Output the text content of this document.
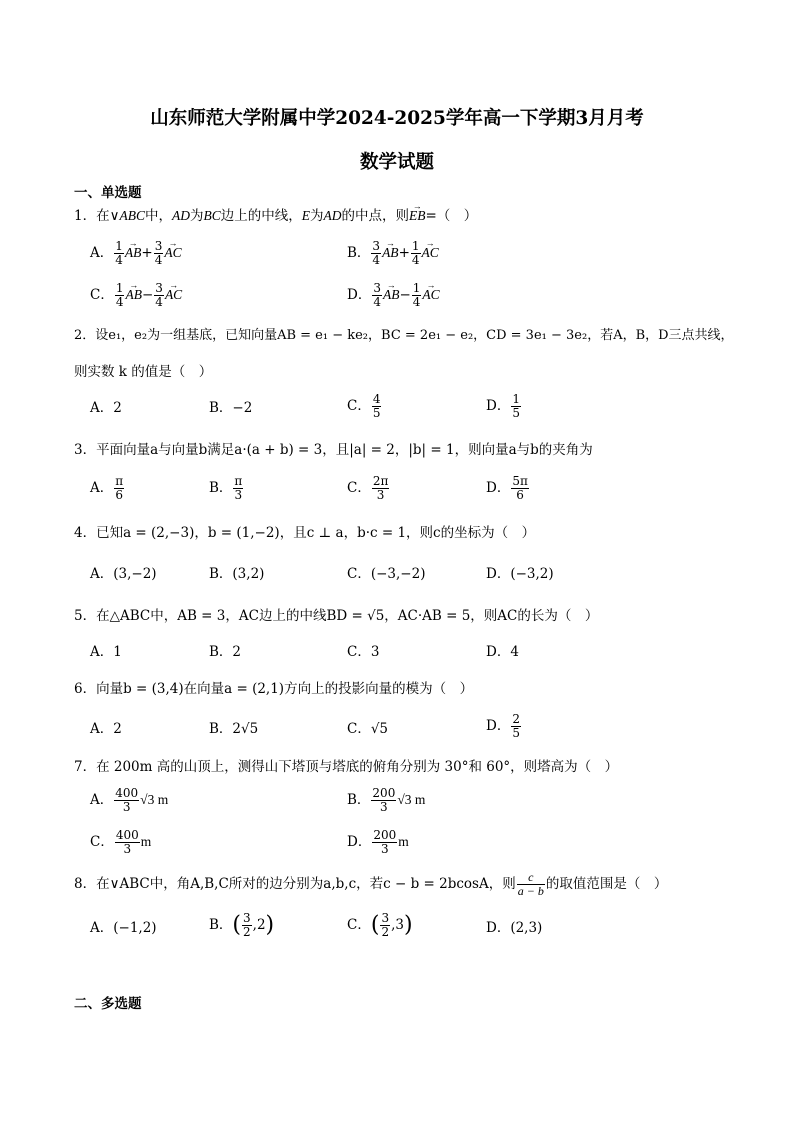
山东师范大学附属中学2024-2025学年高一下学期3月月考
数学试题
一、单选题
1．在∨ABC中，AD为BC边上的中线，E为AD的中点，则→ EB=（　）
A． $\frac{1}{4}$
→ $AB+ \frac{3}{4}$
→ AC	B． $\frac{3}{4}$
→ $AB+ \frac{1}{4}$
→ AC
C． $\frac{1}{4}$
→ $AB- \frac{3}{4}$
→ AC	D． $\frac{3}{4}$
→ $AB- \frac{1}{4}$
→ AC
2．设e₁，e₂为一组基底，已知向量AB = e₁ − ke₂，BC = 2e₁ − e₂，CD = 3e₁ − 3e₂，若A，B，D三点共线，
则实数 k 的值是（　）
A．2	B．−2	C． $\frac{4}{5}$	D． $\frac{1}{5}$
3．平面向量a与向量b满足a·(a + b) = 3，且|a| = 2，|b| = 1，则向量a与b的夹角为
A． $\frac{\pi}{6}$	B． $\frac{\pi}{3}$	C． $\frac{2\pi}{3}$	D． $\frac{5\pi}{6}$
4．已知a = (2,−3)，b = (1,−2)，且c ⊥ a，b·c = 1，则c的坐标为（　）
A．(3,−2)	B．(3,2)	C．(−3,−2)	D．(−3,2)
5．在△ABC中，AB = 3，AC边上的中线BD = √5，AC·AB = 5，则AC的长为（　）
A．1	B．2	C．3	D．4
6．向量b = (3,4)在向量a = (2,1)方向上的投影向量的模为（　）
A．2	B．2√5	C．√5	D． $\frac{2}{5}$
7．在 200m 高的山顶上，测得山下塔顶与塔底的俯角分别为 30°和 60°，则塔高为（　）
A． $\frac{400}{3} √3$ m	B． $\frac{200}{3} √3$ m
C． $\frac{400}{3}$ m	D． $\frac{200}{3}$ m
8．在∨ABC中，角A,B,C所对的边分别为a,b,c，若c − b = 2bcosA，则 $\frac{c}{a - b}$ 的取值范围是（　）
A．(−1,2)	B．( $\frac{3}{2} ,2$)	C．( $\frac{3}{2} ,3$)	D．(2,3)
二、多选题
